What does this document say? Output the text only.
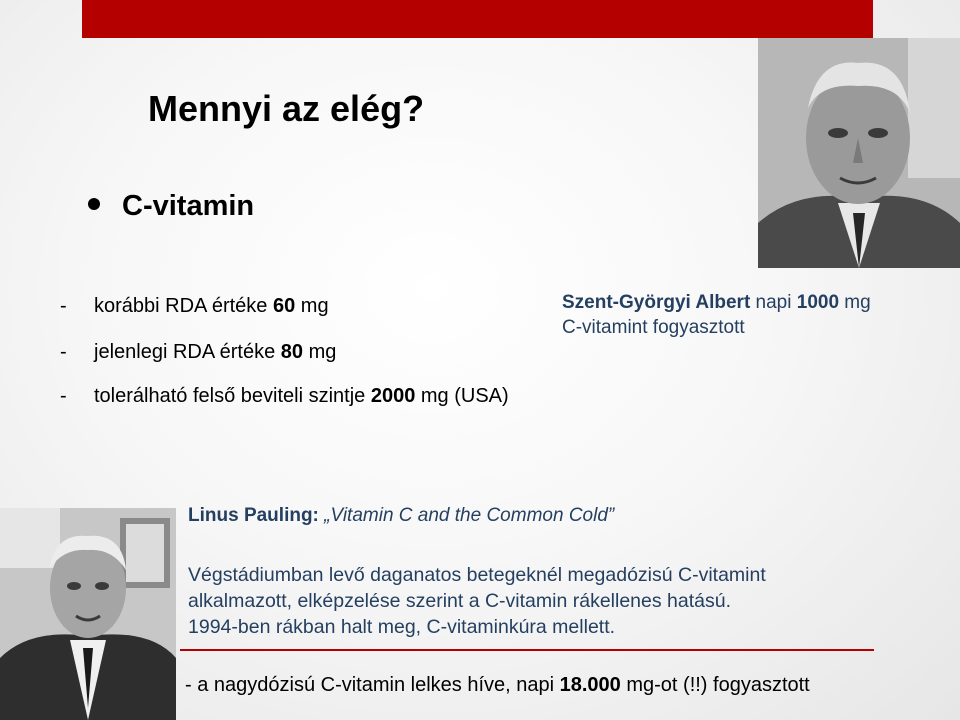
Mennyi az elég?
C-vitamin
- korábbi RDA értéke 60 mg
- jelenlegi RDA értéke 80 mg
- tolerálható felső beviteli szintje 2000 mg (USA)
Szent-Györgyi Albert napi 1000 mg
C-vitamint fogyasztott
Linus Pauling: „Vitamin C and the Common Cold”
Végstádiumban levő daganatos betegeknél megadózisú C-vitamint
alkalmazott, elképzelése szerint a C-vitamin rákellenes hatású.
1994-ben rákban halt meg, C-vitaminkúra mellett.
- a nagydózisú C-vitamin lelkes híve, napi 18.000 mg-ot (!!) fogyasztott
